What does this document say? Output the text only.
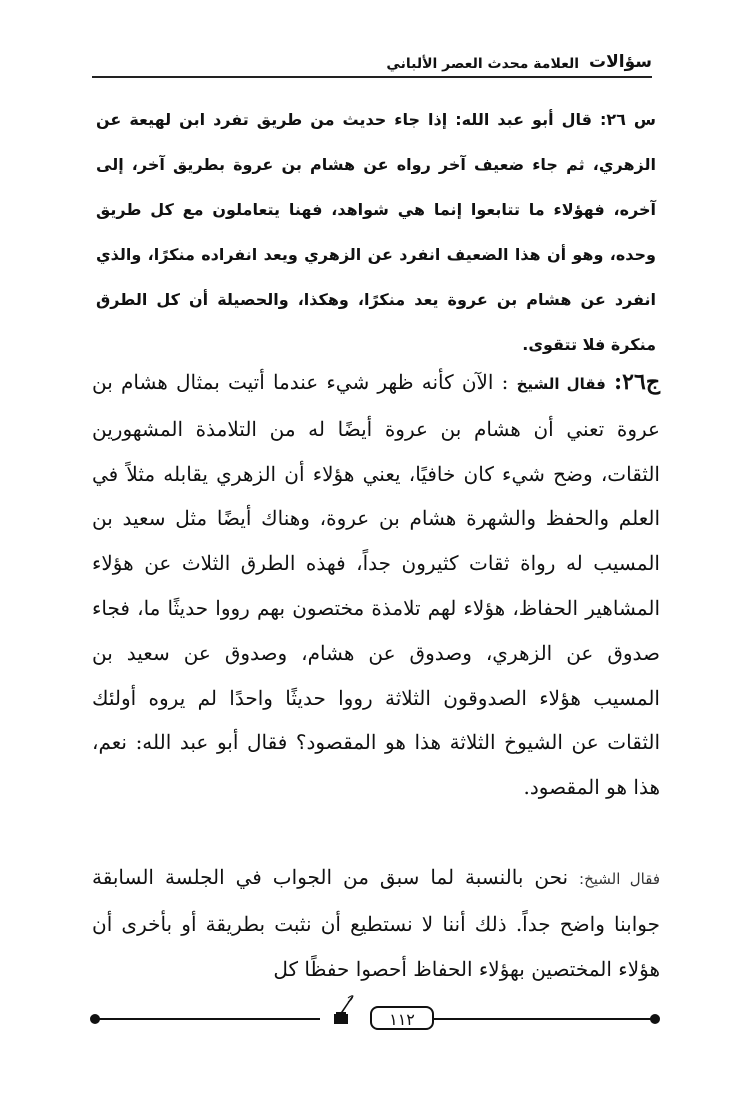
سؤالات
العلامة محدث العصر الألباني

س ٢٦: قال أبو عبد الله: إذا جاء حديث من طريق تفرد ابن لهيعة عن الزهري، ثم جاء ضعيف آخر رواه عن هشام بن عروة بطريق آخر، إلى آخره، فهؤلاء ما تتابعوا إنما هي شواهد، فهنا يتعاملون مع كل طريق وحده، وهو أن هذا الضعيف انفرد عن الزهري ويعد انفراده منكرًا، والذي انفرد عن هشام بن عروة يعد منكرًا، وهكذا، والحصيلة أن كل الطرق منكرة فلا تتقوى.

ج٢٦: فقال الشيخ : الآن كأنه ظهر شيء عندما أتيت بمثال هشام بن عروة تعني أن هشام بن عروة أيضًا له من التلامذة المشهورين الثقات، وضح شيء كان خافيًا، يعني هؤلاء أن الزهري يقابله مثلاً في العلم والحفظ والشهرة هشام بن عروة، وهناك أيضًا مثل سعيد بن المسيب له رواة ثقات كثيرون جداً، فهذه الطرق الثلاث عن هؤلاء المشاهير الحفاظ، هؤلاء لهم تلامذة مختصون بهم رووا حديثًا ما، فجاء صدوق عن الزهري، وصدوق عن هشام، وصدوق عن سعيد بن المسيب هؤلاء الصدوقون الثلاثة رووا حديثًا واحدًا لم يروه أولئك الثقات عن الشيوخ الثلاثة هذا هو المقصود؟ فقال أبو عبد الله: نعم، هذا هو المقصود.

فقال الشيخ: نحن بالنسبة لما سبق من الجواب في الجلسة السابقة جوابنا واضح جداً. ذلك أننا لا نستطيع أن نثبت بطريقة أو بأخرى أن هؤلاء المختصين بهؤلاء الحفاظ أحصوا حفظًا كل

١١٢
